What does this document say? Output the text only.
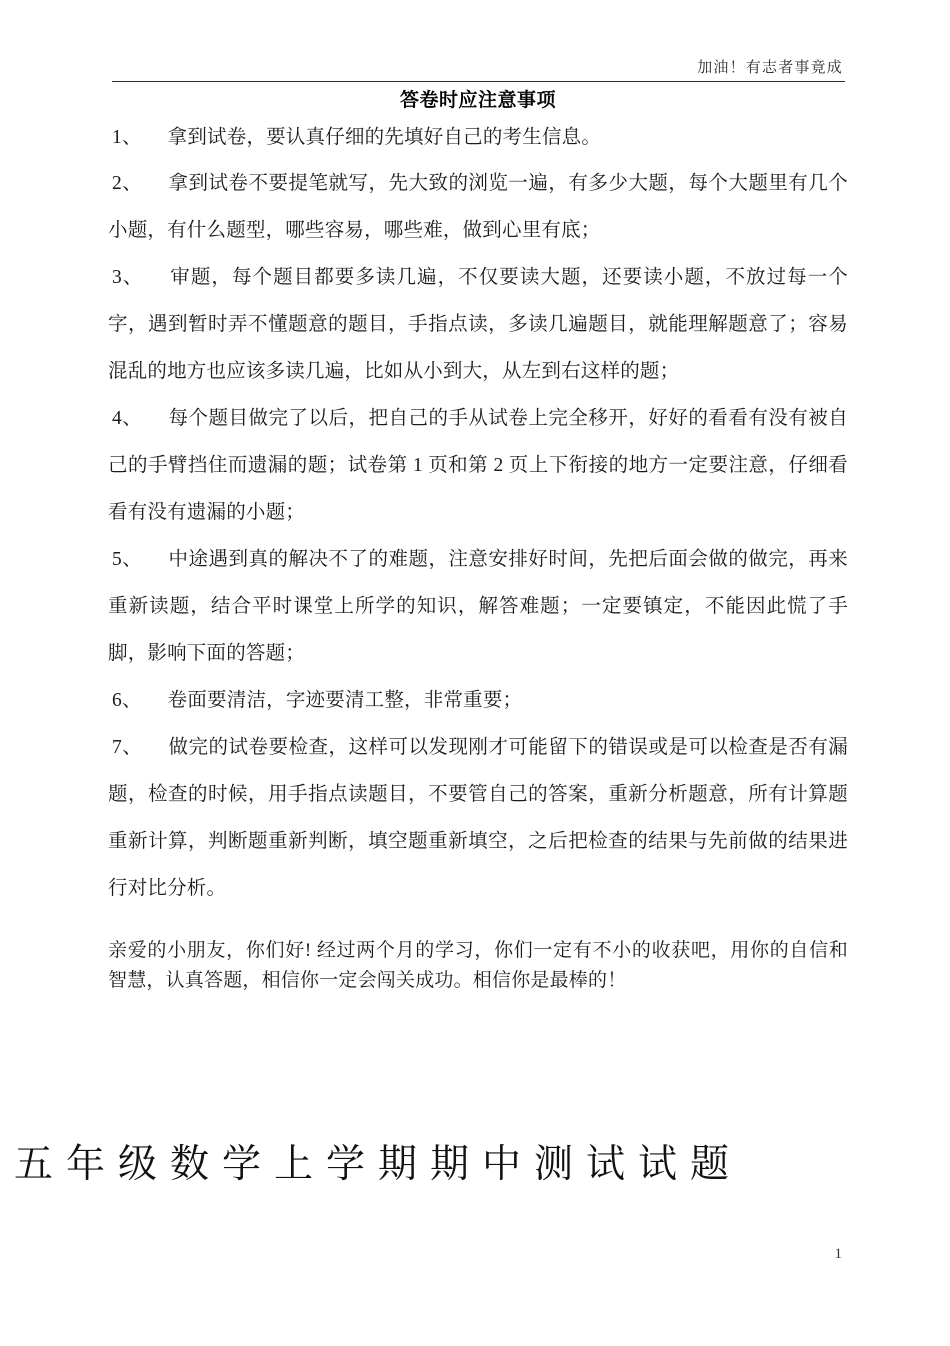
加油！有志者事竟成
答卷时应注意事项

1、 拿到试卷，要认真仔细的先填好自己的考生信息。

2、 拿到试卷不要提笔就写，先大致的浏览一遍，有多少大题，每个大题里有几个小题，有什么题型，哪些容易，哪些难，做到心里有底；

3、 审题，每个题目都要多读几遍，不仅要读大题，还要读小题，不放过每一个字，遇到暂时弄不懂题意的题目，手指点读，多读几遍题目，就能理解题意了；容易混乱的地方也应该多读几遍，比如从小到大，从左到右这样的题；

4、 每个题目做完了以后，把自己的手从试卷上完全移开，好好的看看有没有被自己的手臂挡住而遗漏的题；试卷第 1 页和第 2 页上下衔接的地方一定要注意，仔细看看有没有遗漏的小题；

5、 中途遇到真的解决不了的难题，注意安排好时间，先把后面会做的做完，再来重新读题，结合平时课堂上所学的知识，解答难题；一定要镇定，不能因此慌了手脚，影响下面的答题；

6、 卷面要清洁，字迹要清工整，非常重要；

7、 做完的试卷要检查，这样可以发现刚才可能留下的错误或是可以检查是否有漏题，检查的时候，用手指点读题目，不要管自己的答案，重新分析题意，所有计算题重新计算，判断题重新判断，填空题重新填空，之后把检查的结果与先前做的结果进行对比分析。

亲爱的小朋友，你们好! 经过两个月的学习，你们一定有不小的收获吧，用你的自信和智慧，认真答题，相信你一定会闯关成功。相信你是最棒的！

五年级数学上学期期中测试试题
1
